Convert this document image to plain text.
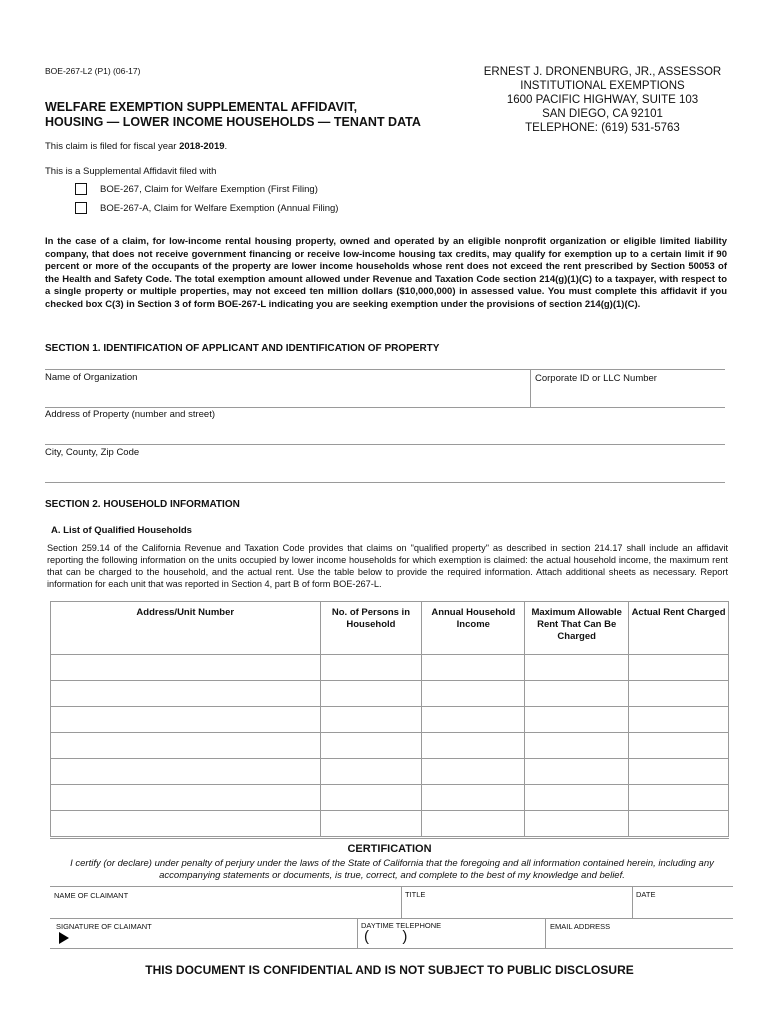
BOE-267-L2 (P1) (06-17)	ERNEST J. DRONENBURG, JR., ASSESSOR
INSTITUTIONAL EXEMPTIONS
1600 PACIFIC HIGHWAY, SUITE 103
SAN DIEGO, CA 92101
TELEPHONE: (619) 531-5763
WELFARE EXEMPTION SUPPLEMENTAL AFFIDAVIT,
HOUSING — LOWER INCOME HOUSEHOLDS — TENANT DATA
This claim is filed for fiscal year 2018-2019.
This is a Supplemental Affidavit filed with
BOE-267, Claim for Welfare Exemption (First Filing)
BOE-267-A, Claim for Welfare Exemption (Annual Filing)
In the case of a claim, for low-income rental housing property, owned and operated by an eligible nonprofit organization or eligible limited liability company, that does not receive government financing or receive low-income housing tax credits, may qualify for exemption up to a certain limit if 90 percent or more of the occupants of the property are lower income households whose rent does not exceed the rent prescribed by Section 50053 of the Health and Safety Code. The total exemption amount allowed under Revenue and Taxation Code section 214(g)(1)(C) to a taxpayer, with respect to a single property or multiple properties, may not exceed ten million dollars ($10,000,000) in assessed value. You must complete this affidavit if you checked box C(3) in Section 3 of form BOE-267-L indicating you are seeking exemption under the provisions of section 214(g)(1)(C).
SECTION 1. IDENTIFICATION OF APPLICANT AND IDENTIFICATION OF PROPERTY
Name of Organization	Corporate ID or LLC Number
Address of Property (number and street)
City, County, Zip Code
SECTION 2. HOUSEHOLD INFORMATION
A. List of Qualified Households
Section 259.14 of the California Revenue and Taxation Code provides that claims on "qualified property" as described in section 214.17 shall include an affidavit reporting the following information on the units occupied by lower income households for which exemption is claimed: the actual household income, the maximum rent that can be charged to the household, and the actual rent. Use the table below to provide the required information. Attach additional sheets as necessary. Report information for each unit that was reported in Section 4, part B of form BOE-267-L.
Address/Unit Number	No. of Persons in Household	Annual Household Income	Maximum Allowable Rent That Can Be Charged	Actual Rent Charged

CERTIFICATION
I certify (or declare) under penalty of perjury under the laws of the State of California that the foregoing and all information contained herein, including any accompanying statements or documents, is true, correct, and complete to the best of my knowledge and belief.
NAME OF CLAIMANT	TITLE	DATE
SIGNATURE OF CLAIMANT	DAYTIME TELEPHONE
(        )
EMAIL ADDRESS
THIS DOCUMENT IS CONFIDENTIAL AND IS NOT SUBJECT TO PUBLIC DISCLOSURE
